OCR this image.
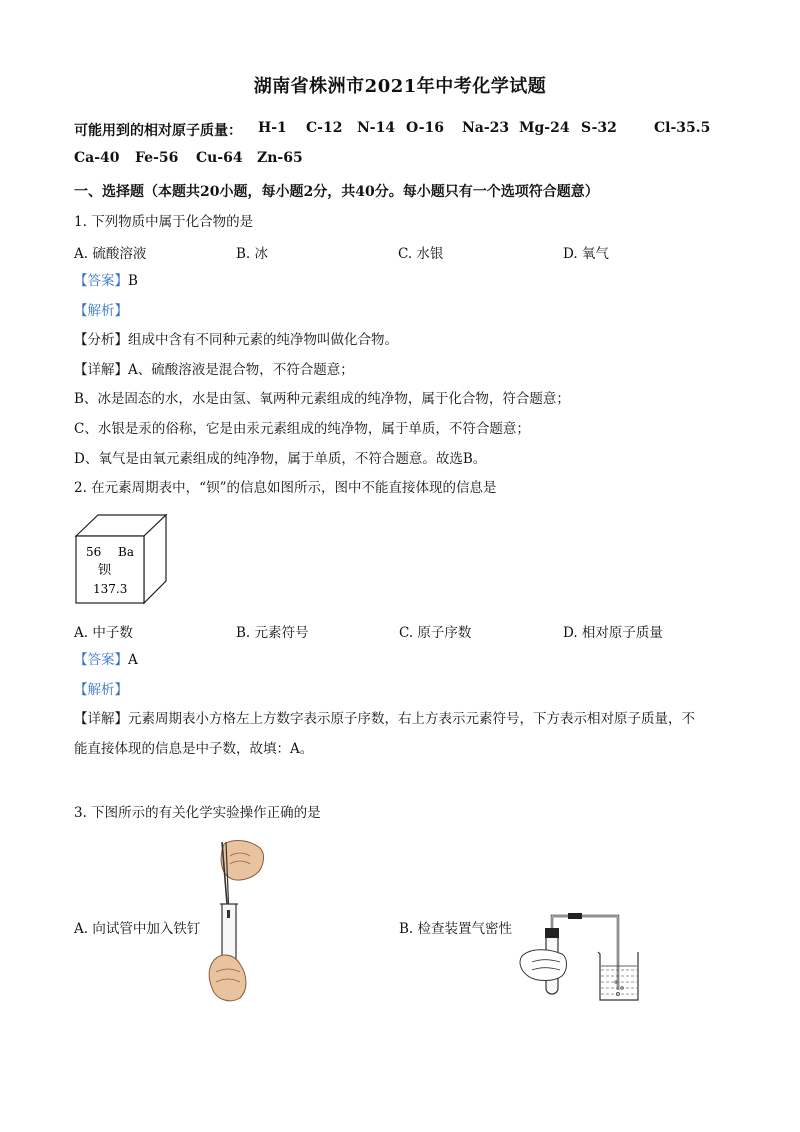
湖南省株洲市2021年中考化学试题
可能用到的相对原子质量： H-1 C-12 N-14 O-16 Na-23 Mg-24 S-32	Cl-35.5
Ca-40 Fe-56 Cu-64 Zn-65
一、选择题（本题共20小题，每小题2分，共40分。每小题只有一个选项符合题意）
1. 下列物质中属于化合物的是
A. 硫酸溶液	B. 冰	C. 水银	D. 氧气
【答案】B
【解析】
【分析】组成中含有不同种元素的纯净物叫做化合物。
【详解】A、硫酸溶液是混合物，不符合题意；
B、冰是固态的水，水是由氢、氧两种元素组成的纯净物，属于化合物，符合题意；
C、水银是汞的俗称，它是由汞元素组成的纯净物，属于单质，不符合题意；
D、氧气是由氧元素组成的纯净物，属于单质，不符合题意。故选B。
2. 在元素周期表中，“钡”的信息如图所示，图中不能直接体现的信息是
56 Ba
钡
137.3
A. 中子数	B. 元素符号	C. 原子序数	D. 相对原子质量
【答案】A
【解析】
【详解】元素周期表小方格左上方数字表示原子序数，右上方表示元素符号，下方表示相对原子质量，不
能直接体现的信息是中子数，故填：A。
3. 下图所示的有关化学实验操作正确的是
A. 向试管中加入铁钉	B. 检查装置气密性
